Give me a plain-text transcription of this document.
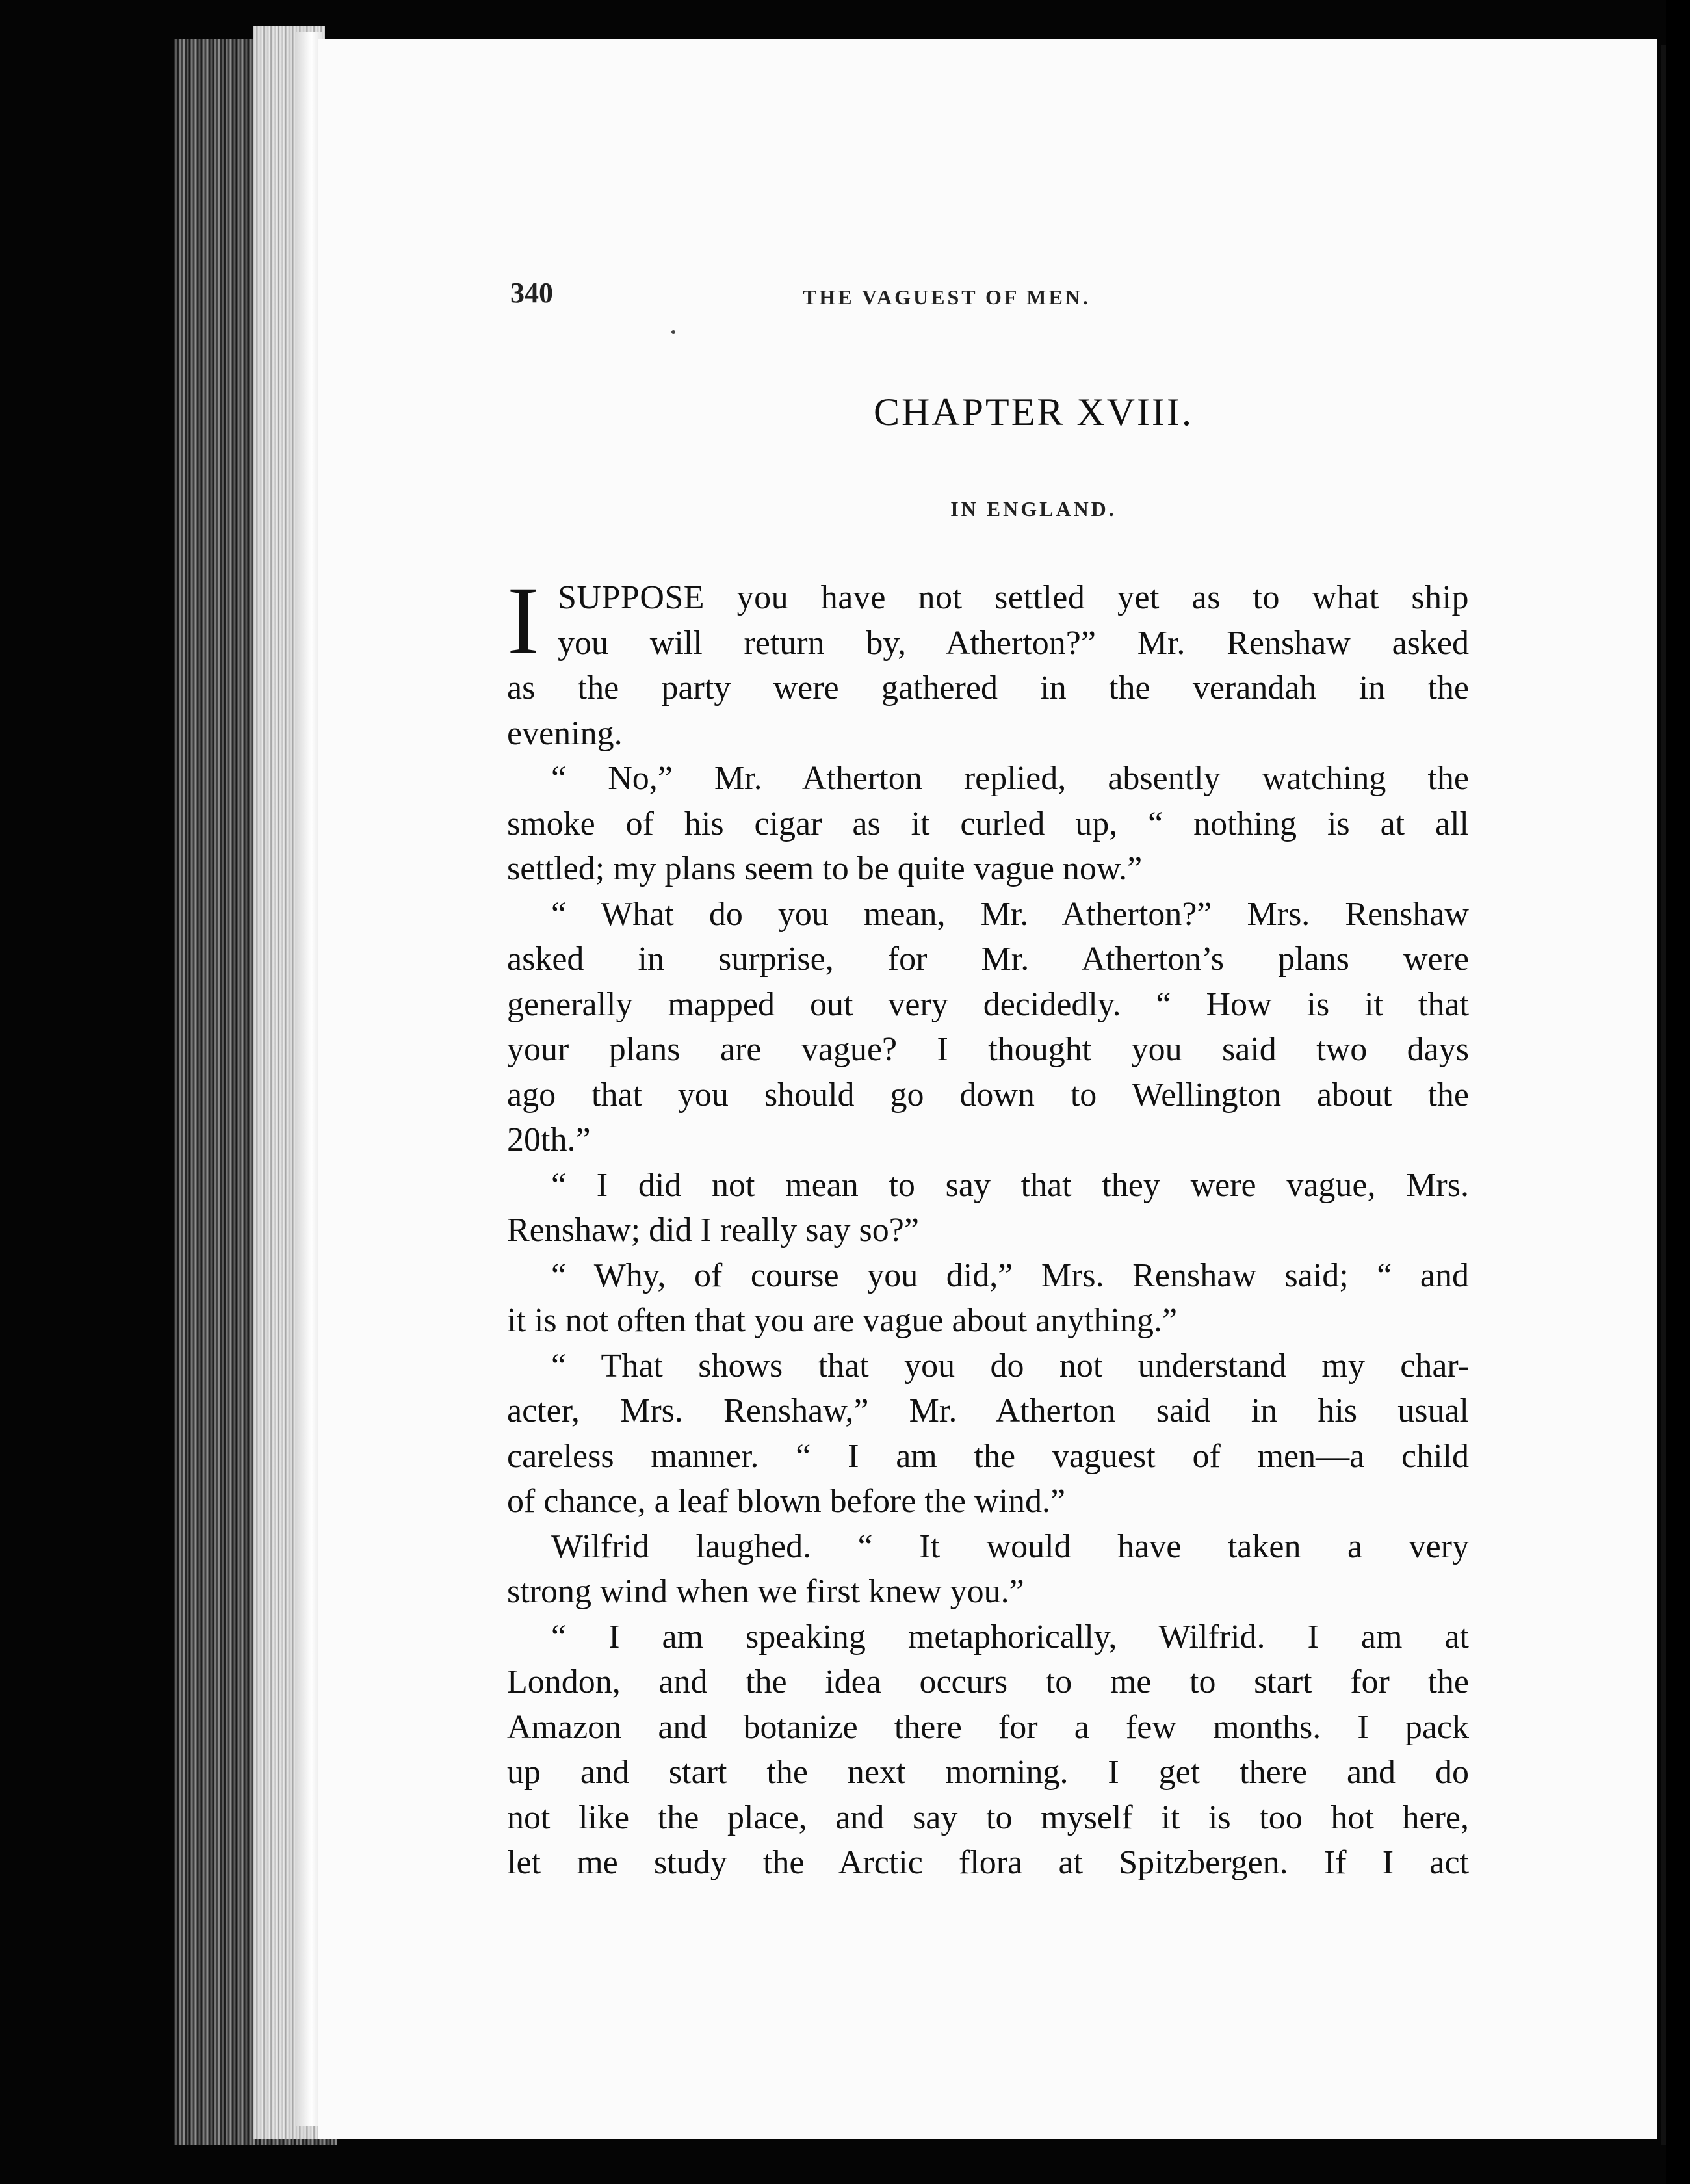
340	THE VAGUEST OF MEN.
CHAPTER XVIII.
IN ENGLAND.
I SUPPOSE you have not settled yet as to what ship
you will return by, Atherton?” Mr. Renshaw asked
as the party were gathered in the verandah in the
evening.
“ No,” Mr. Atherton replied, absently watching the
smoke of his cigar as it curled up, “ nothing is at all
settled; my plans seem to be quite vague now.”
“ What do you mean, Mr. Atherton?” Mrs. Renshaw
asked in surprise, for Mr. Atherton’s plans were
generally mapped out very decidedly. “ How is it that
your plans are vague? I thought you said two days
ago that you should go down to Wellington about the
20th.”
“ I did not mean to say that they were vague, Mrs.
Renshaw; did I really say so?”
“ Why, of course you did,” Mrs. Renshaw said; “ and
it is not often that you are vague about anything.”
“ That shows that you do not understand my char-
acter, Mrs. Renshaw,” Mr. Atherton said in his usual
careless manner. “ I am the vaguest of men—a child
of chance, a leaf blown before the wind.”
Wilfrid laughed. “ It would have taken a very
strong wind when we first knew you.”
“ I am speaking metaphorically, Wilfrid. I am at
London, and the idea occurs to me to start for the
Amazon and botanize there for a few months. I pack
up and start the next morning. I get there and do
not like the place, and say to myself it is too hot here,
let me study the Arctic flora at Spitzbergen. If I act
